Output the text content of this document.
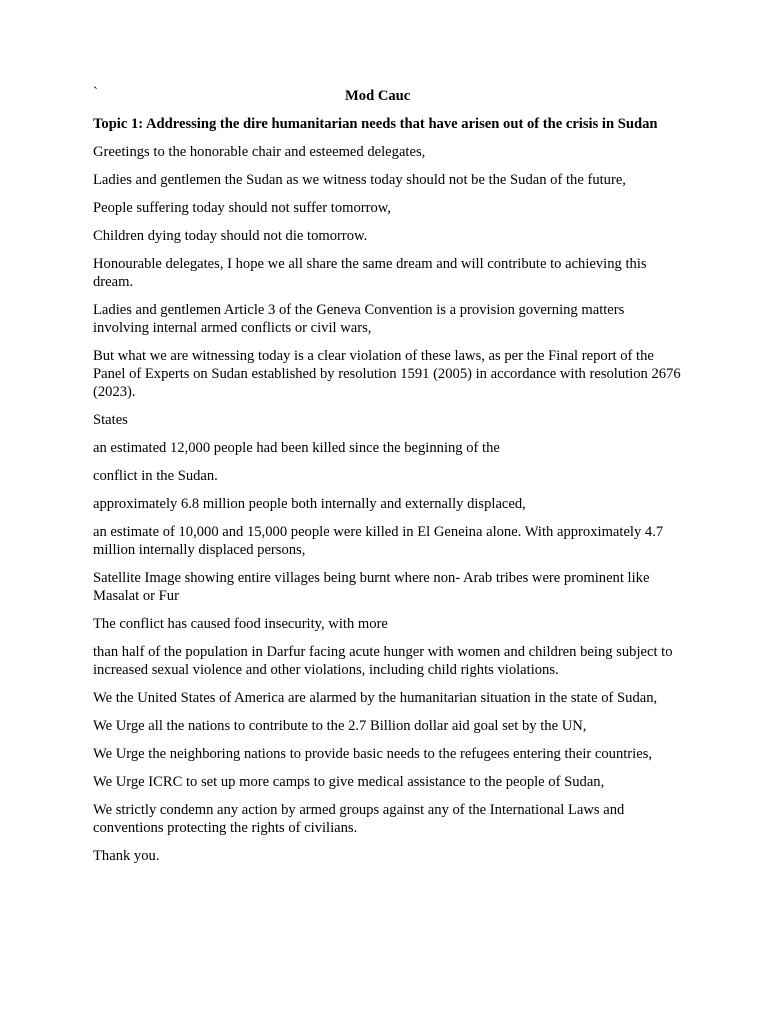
`	Mod Cauc

Topic 1: Addressing the dire humanitarian needs that have arisen out of the crisis in Sudan

Greetings to the honorable chair and esteemed delegates,

Ladies and gentlemen the Sudan as we witness today should not be the Sudan of the future,

People suffering today should not suffer tomorrow,

Children dying today should not die tomorrow.

Honourable delegates, I hope we all share the same dream and will contribute to achieving this dream.

Ladies and gentlemen Article 3 of the Geneva Convention is a provision governing matters involving internal armed conflicts or civil wars,

But what we are witnessing today is a clear violation of these laws, as per the Final report of the Panel of Experts on Sudan established by resolution 1591 (2005) in accordance with resolution 2676 (2023).

States

an estimated 12,000 people had been killed since the beginning of the

conflict in the Sudan.

approximately 6.8 million people both internally and externally displaced,

an estimate of 10,000 and 15,000 people were killed in El Geneina alone. With approximately 4.7 million internally displaced persons,

Satellite Image showing entire villages being burnt where non- Arab tribes were prominent like Masalat or Fur

The conflict has caused food insecurity, with more

than half of the population in Darfur facing acute hunger with women and children being subject to increased sexual violence and other violations, including child rights violations.

We the United States of America are alarmed by the humanitarian situation in the state of Sudan,

We Urge all the nations to contribute to the 2.7 Billion dollar aid goal set by the UN,

We Urge the neighboring nations to provide basic needs to the refugees entering their countries,

We Urge ICRC to set up more camps to give medical assistance to the people of Sudan,

We strictly condemn any action by armed groups against any of the International Laws and conventions protecting the rights of civilians.

Thank you.
